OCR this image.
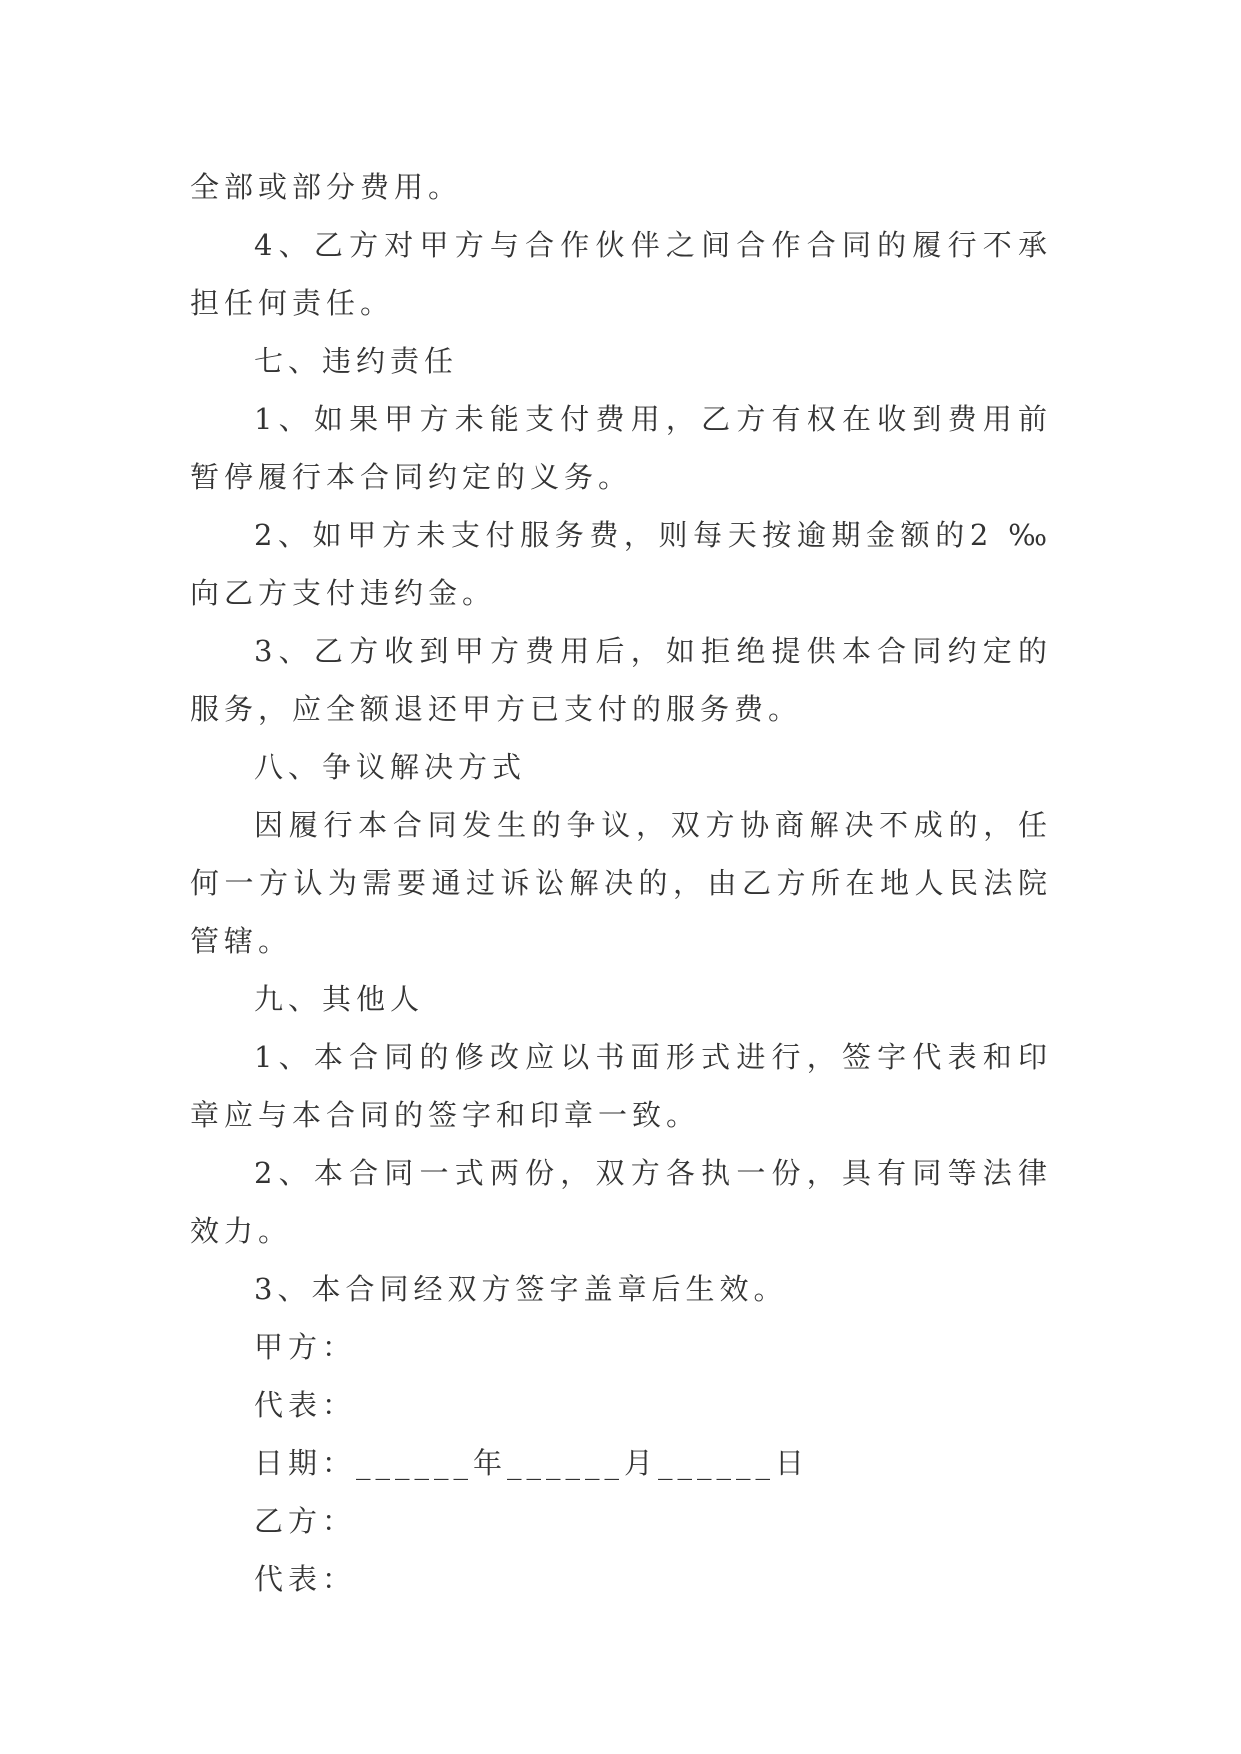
全部或部分费用。

4、乙方对甲方与合作伙伴之间合作合同的履行不承担任何责任。

七、违约责任

1、如果甲方未能支付费用，乙方有权在收到费用前暂停履行本合同约定的义务。

2、如甲方未支付服务费，则每天按逾期金额的2 ‰向乙方支付违约金。

3、乙方收到甲方费用后，如拒绝提供本合同约定的服务，应全额退还甲方已支付的服务费。

八、争议解决方式

因履行本合同发生的争议，双方协商解决不成的，任何一方认为需要通过诉讼解决的，由乙方所在地人民法院管辖。

九、其他人

1、本合同的修改应以书面形式进行，签字代表和印章应与本合同的签字和印章一致。

2、本合同一式两份，双方各执一份，具有同等法律效力。

3、本合同经双方签字盖章后生效。

甲方：

代表：

日期：______年______月______日

乙方：

代表：
